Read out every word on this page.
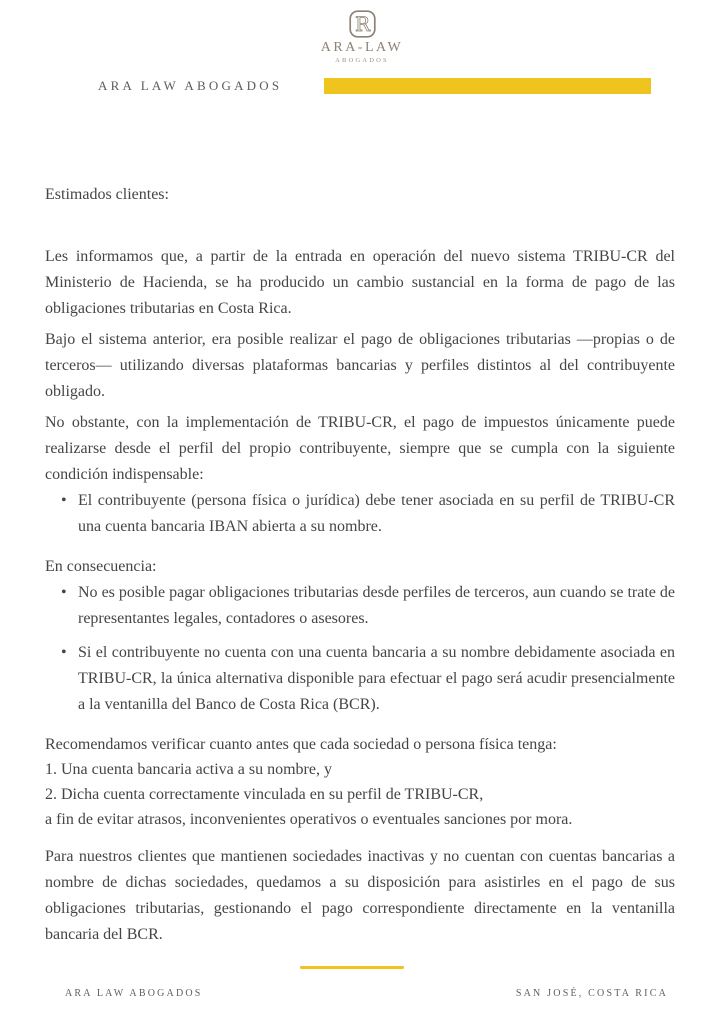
R
ARA-LAW
ABOGADOS
ARA LAW ABOGADOS

Estimados clientes:

Les informamos que, a partir de la entrada en operación del nuevo sistema TRIBU-CR del Ministerio de Hacienda, se ha producido un cambio sustancial en la forma de pago de las obligaciones tributarias en Costa Rica.

Bajo el sistema anterior, era posible realizar el pago de obligaciones tributarias —propias o de terceros— utilizando diversas plataformas bancarias y perfiles distintos al del contribuyente obligado.

No obstante, con la implementación de TRIBU-CR, el pago de impuestos únicamente puede realizarse desde el perfil del propio contribuyente, siempre que se cumpla con la siguiente condición indispensable:

• El contribuyente (persona física o jurídica) debe tener asociada en su perfil de TRIBU-CR una cuenta bancaria IBAN abierta a su nombre.

En consecuencia:

• No es posible pagar obligaciones tributarias desde perfiles de terceros, aun cuando se trate de representantes legales, contadores o asesores.
• Si el contribuyente no cuenta con una cuenta bancaria a su nombre debidamente asociada en TRIBU-CR, la única alternativa disponible para efectuar el pago será acudir presencialmente a la ventanilla del Banco de Costa Rica (BCR).

Recomendamos verificar cuanto antes que cada sociedad o persona física tenga:

1. Una cuenta bancaria activa a su nombre, y

2. Dicha cuenta correctamente vinculada en su perfil de TRIBU-CR,

a fin de evitar atrasos, inconvenientes operativos o eventuales sanciones por mora.

Para nuestros clientes que mantienen sociedades inactivas y no cuentan con cuentas bancarias a nombre de dichas sociedades, quedamos a su disposición para asistirles en el pago de sus obligaciones tributarias, gestionando el pago correspondiente directamente en la ventanilla bancaria del BCR.

ARA LAW ABOGADOS	SAN JOSÉ, COSTA RICA
